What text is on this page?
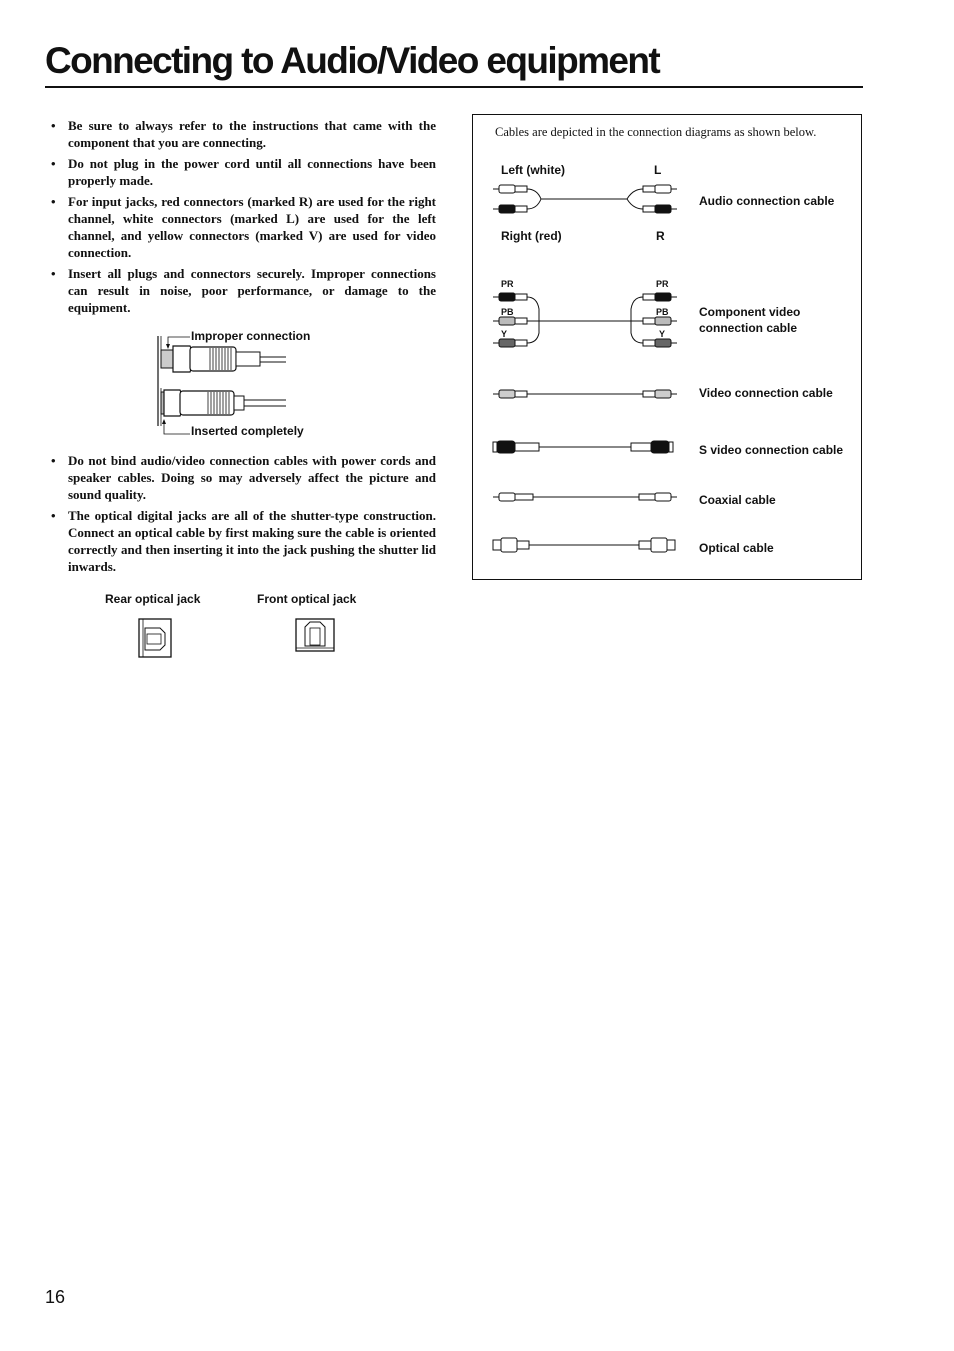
Connecting to Audio/Video equipment
• Be sure to always refer to the instructions that came with the component that you are connecting.
• Do not plug in the power cord until all connections have been properly made.
• For input jacks, red connectors (marked R) are used for the right channel, white connectors (marked L) are used for the left channel, and yellow connectors (marked V) are used for video connection.
• Insert all plugs and connectors securely. Improper connections can result in noise, poor performance, or damage to the equipment.
Improper connection
Inserted completely
• Do not bind audio/video connection cables with power cords and speaker cables. Doing so may adversely affect the picture and sound quality.
• The optical digital jacks are all of the shutter-type construction. Connect an optical cable by first making sure the cable is oriented correctly and then inserting it into the jack pushing the shutter lid inwards.
Rear optical jack	Front optical jack

Cables are depicted in the connection diagrams as shown below.

Left (white)	L
Right (red)	R
Audio connection cable
PR	PR
PB	PB
Y	Y
Component video
connection cable
Video connection cable
S video connection cable
Coaxial cable
Optical cable

16
